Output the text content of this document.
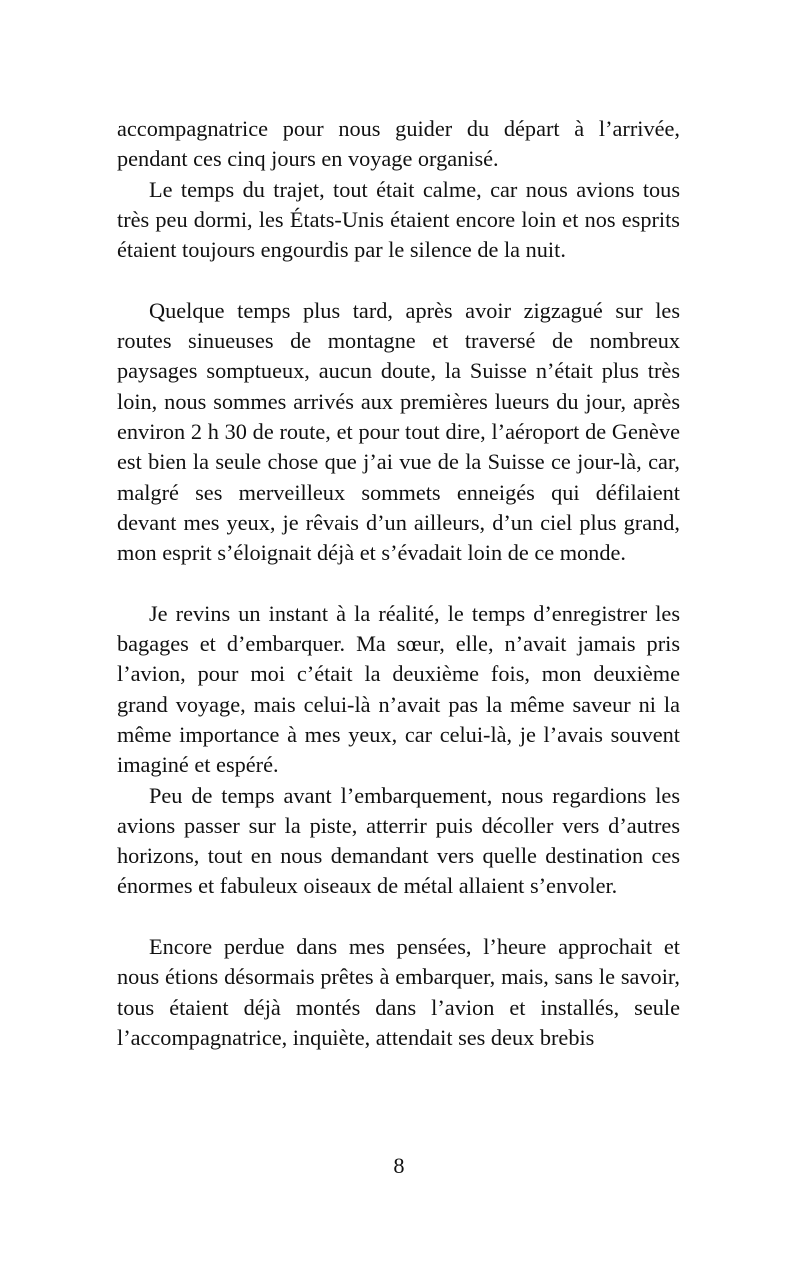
accompagnatrice pour nous guider du départ à l’arrivée, pendant ces cinq jours en voyage organisé.

Le temps du trajet, tout était calme, car nous avions tous très peu dormi, les États-Unis étaient encore loin et nos esprits étaient toujours engourdis par le silence de la nuit.

Quelque temps plus tard, après avoir zigzagué sur les routes sinueuses de montagne et traversé de nombreux paysages somptueux, aucun doute, la Suisse n’était plus très loin, nous sommes arrivés aux premières lueurs du jour, après environ 2 h 30 de route, et pour tout dire, l’aéroport de Genève est bien la seule chose que j’ai vue de la Suisse ce jour-là, car, malgré ses merveilleux sommets enneigés qui défilaient devant mes yeux, je rêvais d’un ailleurs, d’un ciel plus grand, mon esprit s’éloignait déjà et s’évadait loin de ce monde.

Je revins un instant à la réalité, le temps d’enregistrer les bagages et d’embarquer. Ma sœur, elle, n’avait jamais pris l’avion, pour moi c’était la deuxième fois, mon deuxième grand voyage, mais celui-là n’avait pas la même saveur ni la même importance à mes yeux, car celui-là, je l’avais souvent imaginé et espéré.

Peu de temps avant l’embarquement, nous regardions les avions passer sur la piste, atterrir puis décoller vers d’autres horizons, tout en nous demandant vers quelle destination ces énormes et fabuleux oiseaux de métal allaient s’envoler.

Encore perdue dans mes pensées, l’heure approchait et nous étions désormais prêtes à embarquer, mais, sans le savoir, tous étaient déjà montés dans l’avion et installés, seule l’accompagnatrice, inquiète, attendait ses deux brebis

8
